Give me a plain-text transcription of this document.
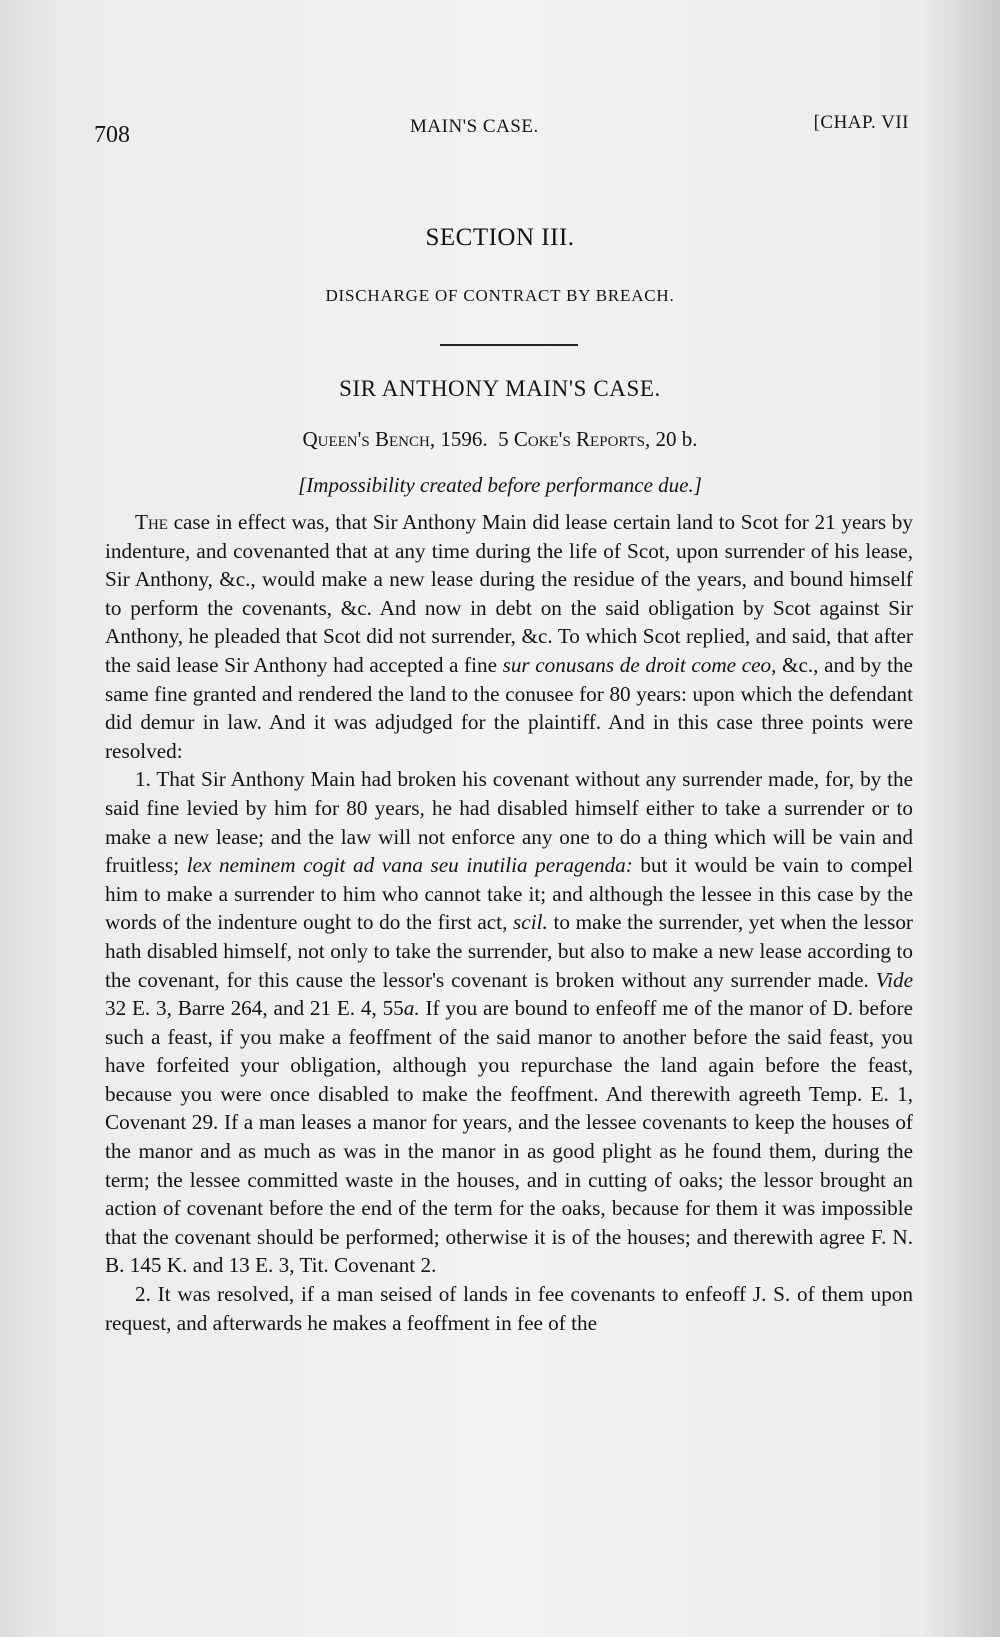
708	MAIN'S CASE.	[CHAP. VII
SECTION III.
DISCHARGE OF CONTRACT BY BREACH.
SIR ANTHONY MAIN'S CASE.
Queen's Bench, 1596. 5 Coke's Reports, 20 b.
[Impossibility created before performance due.]

The case in effect was, that Sir Anthony Main did lease certain land to Scot for 21 years by indenture, and covenanted that at any time during the life of Scot, upon surrender of his lease, Sir Anthony, &c., would make a new lease during the residue of the years, and bound himself to perform the covenants, &c. And now in debt on the said obligation by Scot against Sir Anthony, he pleaded that Scot did not surrender, &c. To which Scot replied, and said, that after the said lease Sir Anthony had accepted a fine sur conusans de droit come ceo, &c., and by the same fine granted and rendered the land to the conusee for 80 years: upon which the defendant did demur in law. And it was adjudged for the plaintiff. And in this case three points were resolved:

1. That Sir Anthony Main had broken his covenant without any surrender made, for, by the said fine levied by him for 80 years, he had disabled himself either to take a surrender or to make a new lease; and the law will not enforce any one to do a thing which will be vain and fruitless; lex neminem cogit ad vana seu inutilia peragenda: but it would be vain to compel him to make a surrender to him who cannot take it; and although the lessee in this case by the words of the indenture ought to do the first act, scil. to make the surrender, yet when the lessor hath disabled himself, not only to take the surrender, but also to make a new lease according to the covenant, for this cause the lessor's covenant is broken without any surrender made. Vide 32 E. 3, Barre 264, and 21 E. 4, 55a. If you are bound to enfeoff me of the manor of D. before such a feast, if you make a feoffment of the said manor to another before the said feast, you have forfeited your obligation, although you repurchase the land again before the feast, because you were once disabled to make the feoffment. And therewith agreeth Temp. E. 1, Covenant 29. If a man leases a manor for years, and the lessee covenants to keep the houses of the manor and as much as was in the manor in as good plight as he found them, during the term; the lessee committed waste in the houses, and in cutting of oaks; the lessor brought an action of covenant before the end of the term for the oaks, because for them it was impossible that the covenant should be performed; otherwise it is of the houses; and therewith agree F. N. B. 145 K. and 13 E. 3, Tit. Covenant 2.

2. It was resolved, if a man seised of lands in fee covenants to enfeoff J. S. of them upon request, and afterwards he makes a feoffment in fee of the
